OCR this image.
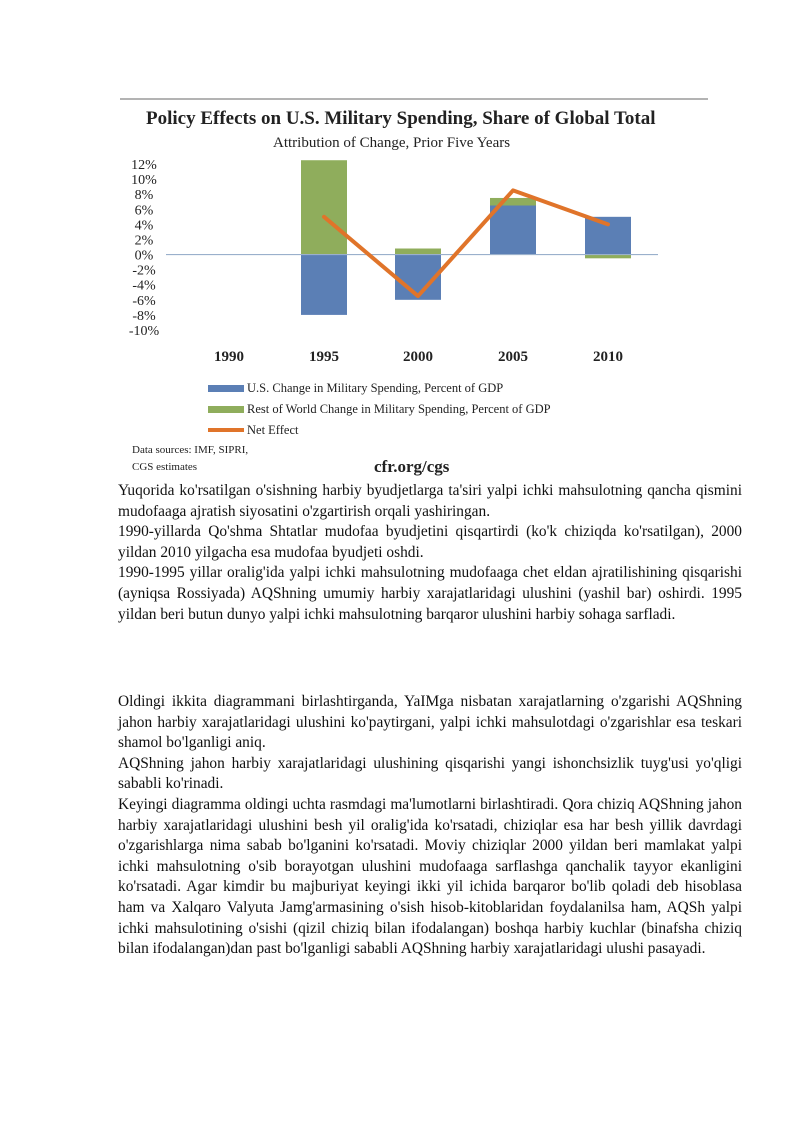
Policy Effects on U.S. Military Spending, Share of Global Total
Attribution of Change, Prior Five Years
12%
10%
8%
6%
4%
2%
0%
-2%
-4%
-6%
-8%
-10%
1990	1995	2000	2005	2010
U.S. Change in Military Spending, Percent of GDP
Rest of World Change in Military Spending, Percent of GDP
Net Effect
Data sources: IMF, SIPRI,
CGS estimates	cfr.org/cgs

Yuqorida ko'rsatilgan o'sishning harbiy byudjetlarga ta'siri yalpi ichki mahsulotning qancha qismini mudofaaga ajratish siyosatini o'zgartirish orqali yashiringan.

1990-yillarda Qo'shma Shtatlar mudofaa byudjetini qisqartirdi (ko'k chiziqda ko'rsatilgan), 2000 yildan 2010 yilgacha esa mudofaa byudjeti oshdi.

1990-1995 yillar oralig'ida yalpi ichki mahsulotning mudofaaga chet eldan ajratilishining qisqarishi (ayniqsa Rossiyada) AQShning umumiy harbiy xarajatlaridagi ulushini (yashil bar) oshirdi. 1995 yildan beri butun dunyo yalpi ichki mahsulotning barqaror ulushini harbiy sohaga sarfladi.

Oldingi ikkita diagrammani birlashtirganda, YaIMga nisbatan xarajatlarning o'zgarishi AQShning jahon harbiy xarajatlaridagi ulushini ko'paytirgani, yalpi ichki mahsulotdagi o'zgarishlar esa teskari shamol bo'lganligi aniq.

AQShning jahon harbiy xarajatlaridagi ulushining qisqarishi yangi ishonchsizlik tuyg'usi yo'qligi sababli ko'rinadi.

Keyingi diagramma oldingi uchta rasmdagi ma'lumotlarni birlashtiradi. Qora chiziq AQShning jahon harbiy xarajatlaridagi ulushini besh yil oralig'ida ko'rsatadi, chiziqlar esa har besh yillik davrdagi o'zgarishlarga nima sabab bo'lganini ko'rsatadi. Moviy chiziqlar 2000 yildan beri mamlakat yalpi ichki mahsulotning o'sib borayotgan ulushini mudofaaga sarflashga qanchalik tayyor ekanligini ko'rsatadi. Agar kimdir bu majburiyat keyingi ikki yil ichida barqaror bo'lib qoladi deb hisoblasa ham va Xalqaro Valyuta Jamg'armasining o'sish hisob-kitoblaridan foydalanilsa ham, AQSh yalpi ichki mahsulotining o'sishi (qizil chiziq bilan ifodalangan) boshqa harbiy kuchlar (binafsha chiziq bilan ifodalangan)dan past bo'lganligi sababli AQShning harbiy xarajatlaridagi ulushi pasayadi.
